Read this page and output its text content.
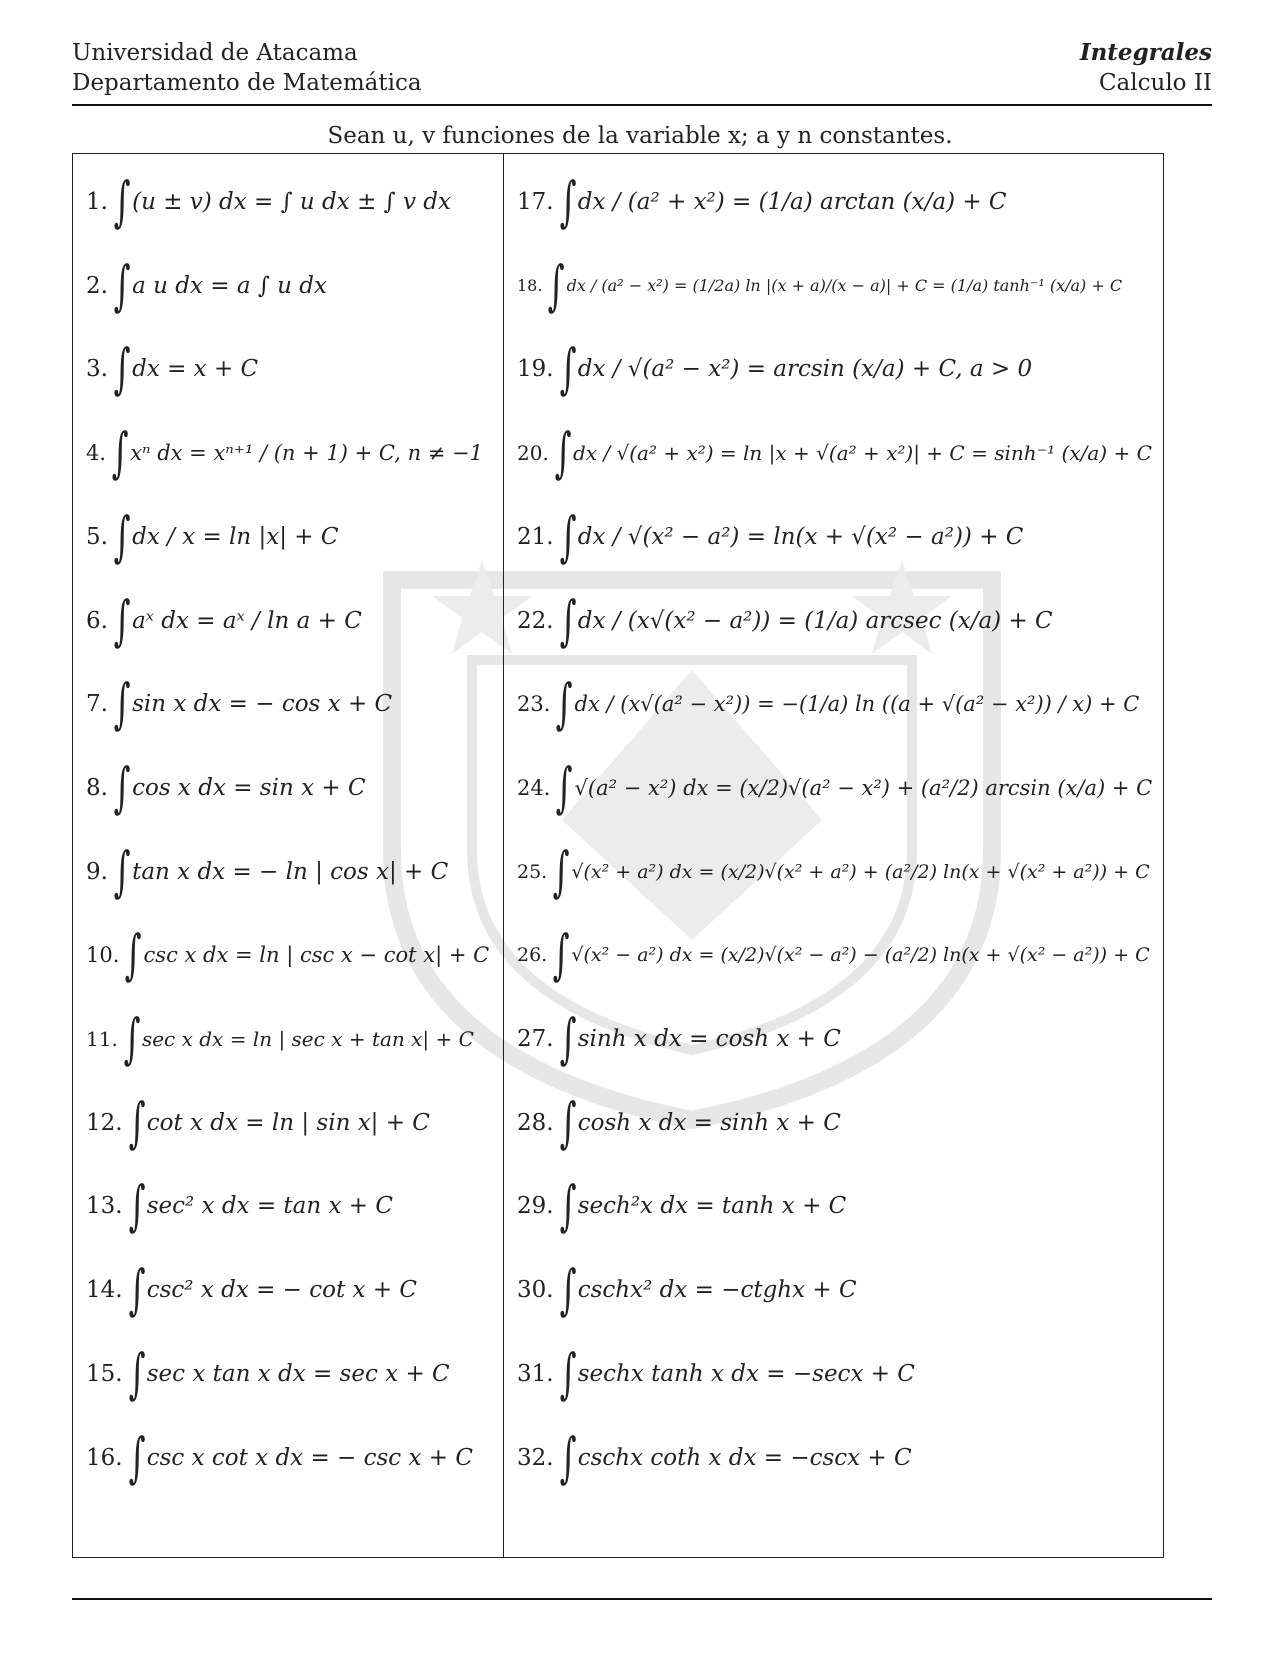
Universidad de Atacama
Departamento de Matemática
Integrales
Calculo II
Sean u, v funciones de la variable x; a y n constantes.
1. ∫ (u ± v) dx = ∫ u dx ± ∫ v dx
2. ∫ a u dx = a ∫ u dx
3. ∫ dx = x + C
4. ∫ xⁿ dx = xⁿ⁺¹ / (n + 1) + C, n ≠ −1
5. ∫ dx / x = ln |x| + C
6. ∫ aˣ dx = aˣ / ln a + C
7. ∫ sin x dx = − cos x + C
8. ∫ cos x dx = sin x + C
9. ∫ tan x dx = − ln | cos x| + C
10. ∫ csc x dx = ln | csc x − cot x| + C
11. ∫ sec x dx = ln | sec x + tan x| + C
12. ∫ cot x dx = ln | sin x| + C
13. ∫ sec² x dx = tan x + C
14. ∫ csc² x dx = − cot x + C
15. ∫ sec x tan x dx = sec x + C
16. ∫ csc x cot x dx = − csc x + C
17. ∫ dx / (a² + x²) = (1/a) arctan (x/a) + C
18. ∫ dx / (a² − x²) = (1/2a) ln |(x + a)/(x − a)| + C = (1/a) tanh⁻¹ (x/a) + C
19. ∫ dx / √(a² − x²) = arcsin (x/a) + C, a > 0
20. ∫ dx / √(a² + x²) = ln |x + √(a² + x²)| + C = sinh⁻¹ (x/a) + C
21. ∫ dx / √(x² − a²) = ln(x + √(x² − a²)) + C
22. ∫ dx / (x√(x² − a²)) = (1/a) arcsec (x/a) + C
23. ∫ dx / (x√(a² − x²)) = −(1/a) ln ((a + √(a² − x²)) / x) + C
24. ∫ √(a² − x²) dx = (x/2)√(a² − x²) + (a²/2) arcsin (x/a) + C
25. ∫ √(x² + a²) dx = (x/2)√(x² + a²) + (a²/2) ln(x + √(x² + a²)) + C
26. ∫ √(x² − a²) dx = (x/2)√(x² − a²) − (a²/2) ln(x + √(x² − a²)) + C
27. ∫ sinh x dx = cosh x + C
28. ∫ cosh x dx = sinh x + C
29. ∫ sech²x dx = tanh x + C
30. ∫ cschx² dx = −ctghx + C
31. ∫ sechx tanh x dx = −secx + C
32. ∫ cschx coth x dx = −cscx + C
